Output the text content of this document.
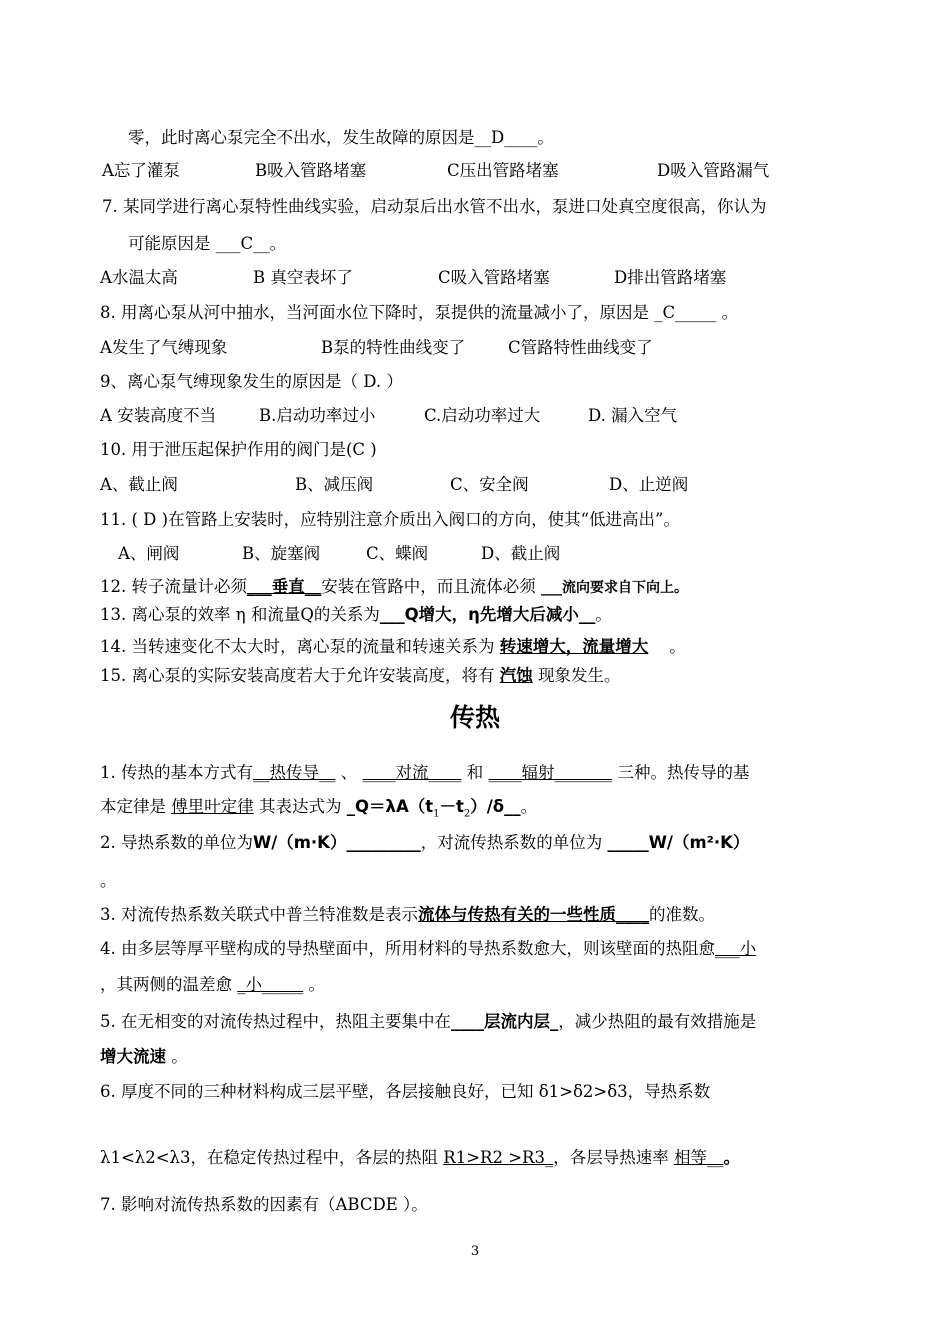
零，此时离心泵完全不出水，发生故障的原因是__D____。
A忘了灌泵	B吸入管路堵塞	C压出管路堵塞	D吸入管路漏气
7. 某同学进行离心泵特性曲线实验，启动泵后出水管不出水，泵进口处真空度很高，你认为
可能原因是 ___C__。
A水温太高	B 真空表坏了	C吸入管路堵塞	D排出管路堵塞
8. 用离心泵从河中抽水，当河面水位下降时，泵提供的流量减小了，原因是 _C_____ 。
A发生了气缚现象	B泵的特性曲线变了	C管路特性曲线变了
9、离心泵气缚现象发生的原因是（ D. ）
A 安装高度不当	B.启动功率过小	C.启动功率过大	D. 漏入空气
10. 用于泄压起保护作用的阀门是(C )
A、截止阀	B、减压阀	C、安全阀	D、止逆阀
11. ( D )在管路上安装时，应特别注意介质出入阀口的方向，使其“低进高出”。
A、闸阀	B、旋塞阀	C、蝶阀	D、截止阀
12. 转子流量计必须___垂直__安装在管路中，而且流体必须 ___流向要求自下向上。
13. 离心泵的效率 η 和流量Q的关系为___Q增大，η先增大后减小__。
14. 当转速变化不太大时，离心泵的流量和转速关系为 转速增大，流量增大 。
15. 离心泵的实际安装高度若大于允许安装高度，将有 汽蚀 现象发生。
传热
1. 传热的基本方式有__热传导__ 、 ____对流____ 和 ____辐射_______ 三种。热传导的基
本定律是 傅里叶定律 其表达式为 $\_Q=\lambda A(t_1-t_2)/\delta\_\_$。
2. 导热系数的单位为W/（m·K）_________，对流传热系数的单位为 _____W/（m²·K）
。
3. 对流传热系数关联式中普兰特准数是表示流体与传热有关的一些性质____的准数。
4. 由多层等厚平壁构成的导热壁面中，所用材料的导热系数愈大，则该壁面的热阻愈___小
，其两侧的温差愈 _小_____ 。
5. 在无相变的对流传热过程中，热阻主要集中在____层流内层_，减少热阻的最有效措施是
增大流速 。
6. 厚度不同的三种材料构成三层平壁，各层接触良好，已知 δ1>δ2>δ3，导热系数
λ1<λ2<λ3，在稳定传热过程中，各层的热阻 R1>R2 >R3_，各层导热速率 相等__。
7. 影响对流传热系数的因素有（ABCDE ）。
3
